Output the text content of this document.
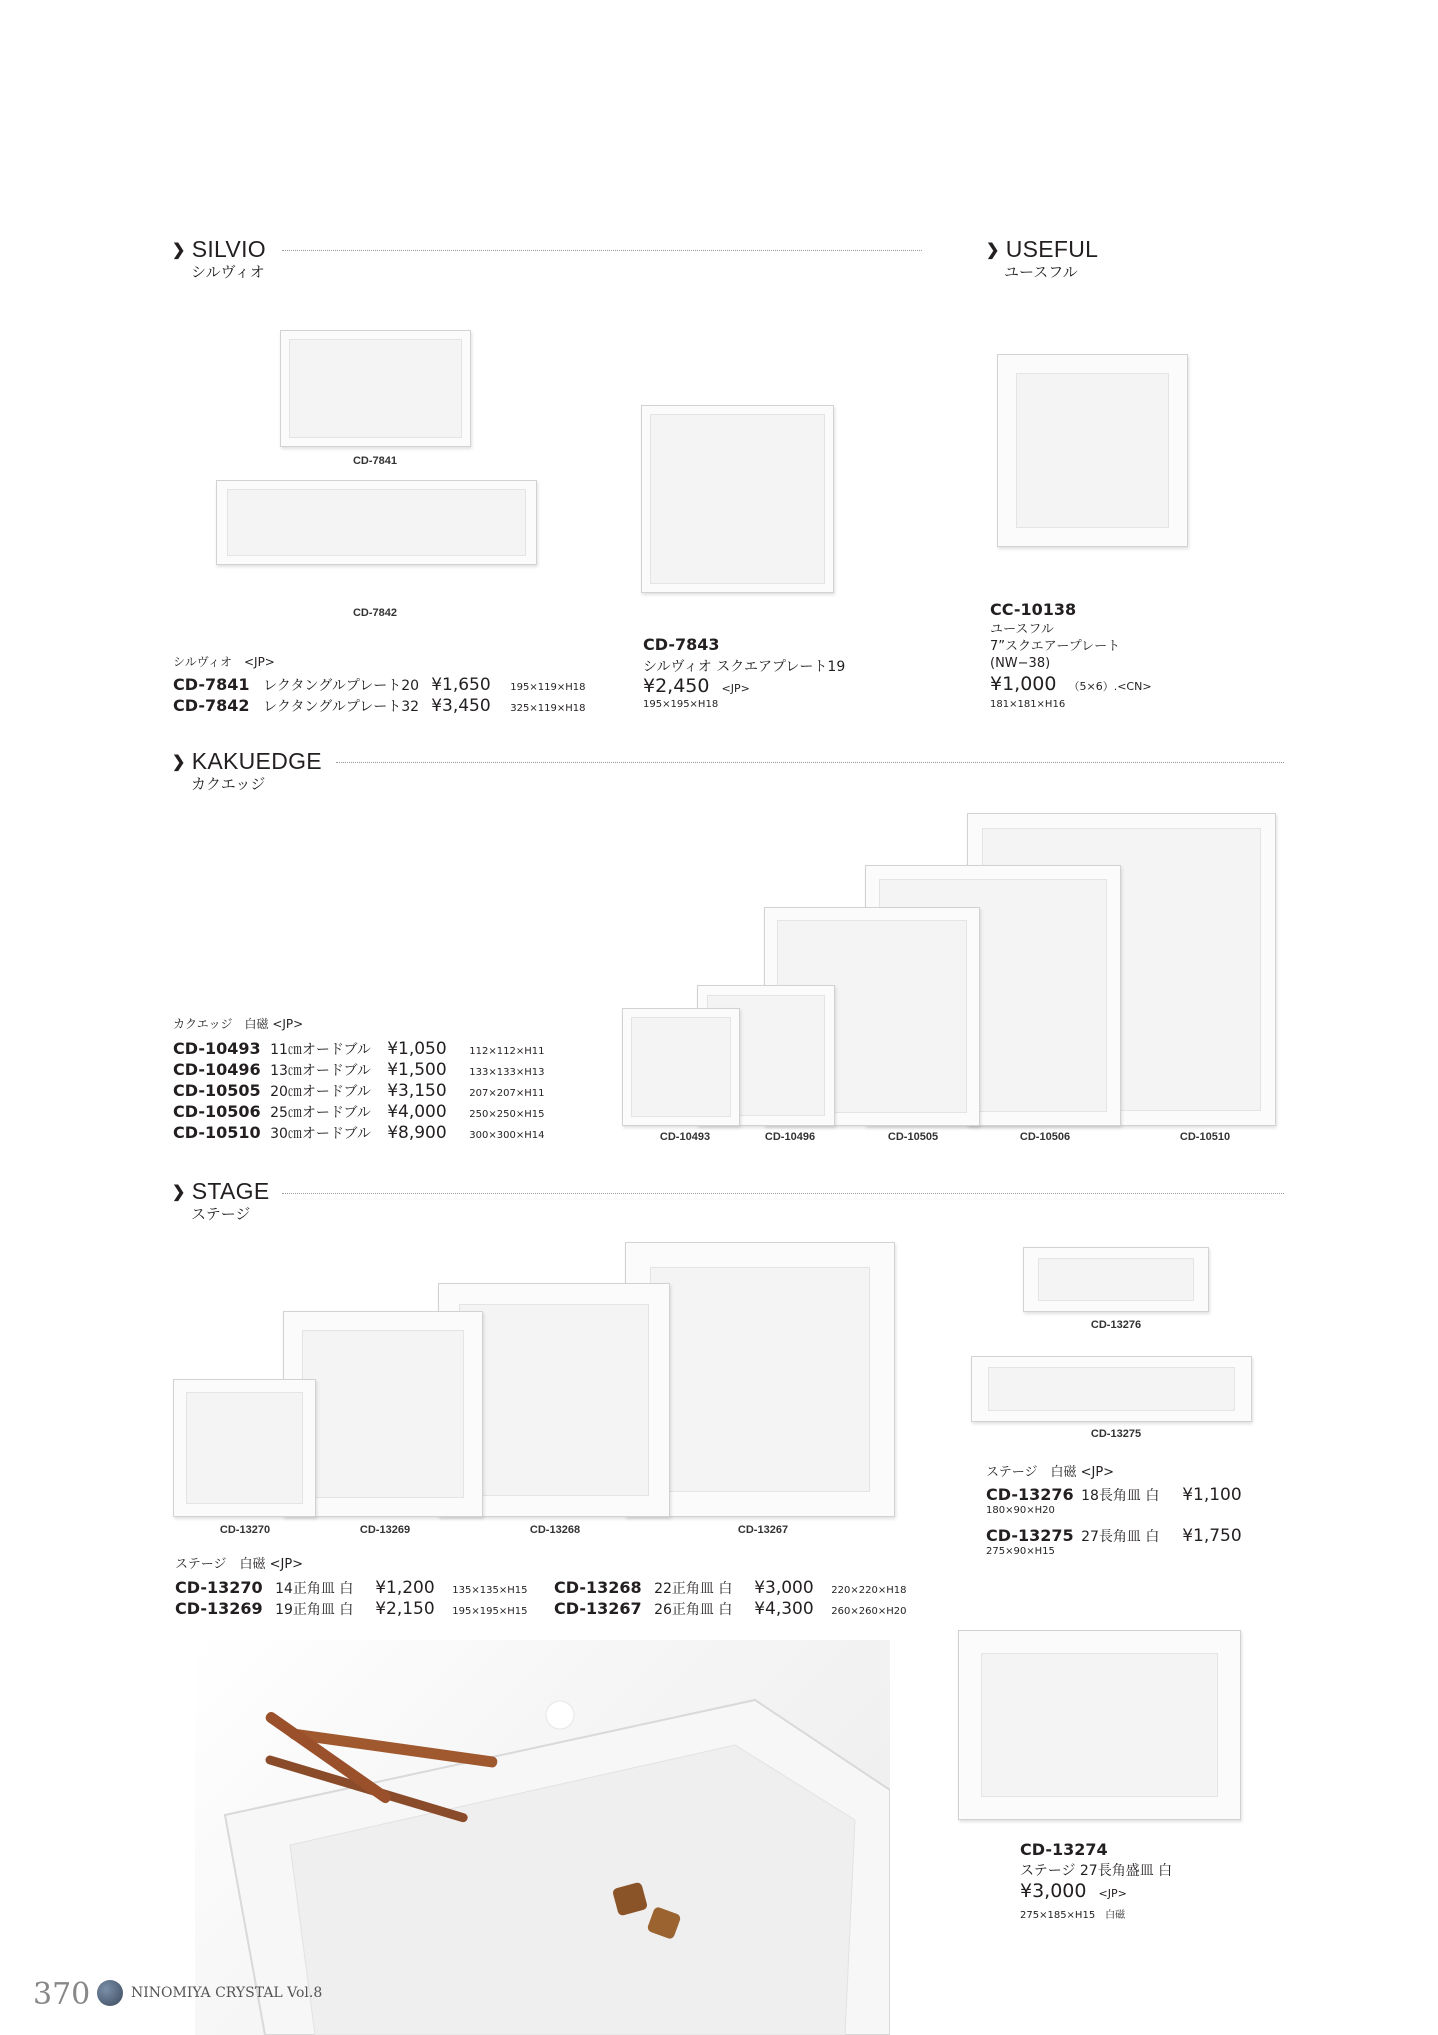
❯ SILVIO
シルヴィオ
CD-7841
CD-7842
シルヴィオ　<JP>
CD-7841 レクタングルプレート20 ¥1,650 195×119×H18
CD-7842 レクタングルプレート32 ¥3,450 325×119×H18
CD-7843
シルヴィオ スクエアプレート19
¥2,450 <JP>
195×195×H18
❯ USEFUL
ユースフル
CC-10138
ユースフル
7”スクエアープレート
(NW−38)
¥1,000 （5×6）.<CN>
181×181×H16
❯ KAKUEDGE
カクエッジ
カクエッジ　白磁 <JP>
CD-10493 11㎝オードブル ¥1,050 112×112×H11
CD-10496 13㎝オードブル ¥1,500 133×133×H13
CD-10505 20㎝オードブル ¥3,150 207×207×H11
CD-10506 25㎝オードブル ¥4,000 250×250×H15
CD-10510 30㎝オードブル ¥8,900 300×300×H14	CD-10493	CD-10496	CD-10505	CD-10506	CD-10510
❯ STAGE
ステージ
CD-13270	CD-13269	CD-13268	CD-13267
CD-13276
CD-13275
ステージ　白磁 <JP>
CD-13276 18長角皿 白 ¥1,100
180×90×H20
CD-13275 27長角皿 白 ¥1,750
275×90×H15
ステージ　白磁 <JP>
CD-13270 14正角皿 白 ¥1,200 135×135×H15
CD-13269 19正角皿 白 ¥2,150 195×195×H15
CD-13268 22正角皿 白 ¥3,000 220×220×H18
CD-13267 26正角皿 白 ¥4,300 260×260×H20
CD-13274
ステージ 27長角盛皿 白
¥3,000 <JP>
275×185×H15　白磁
370	NINOMIYA CRYSTAL Vol.8
